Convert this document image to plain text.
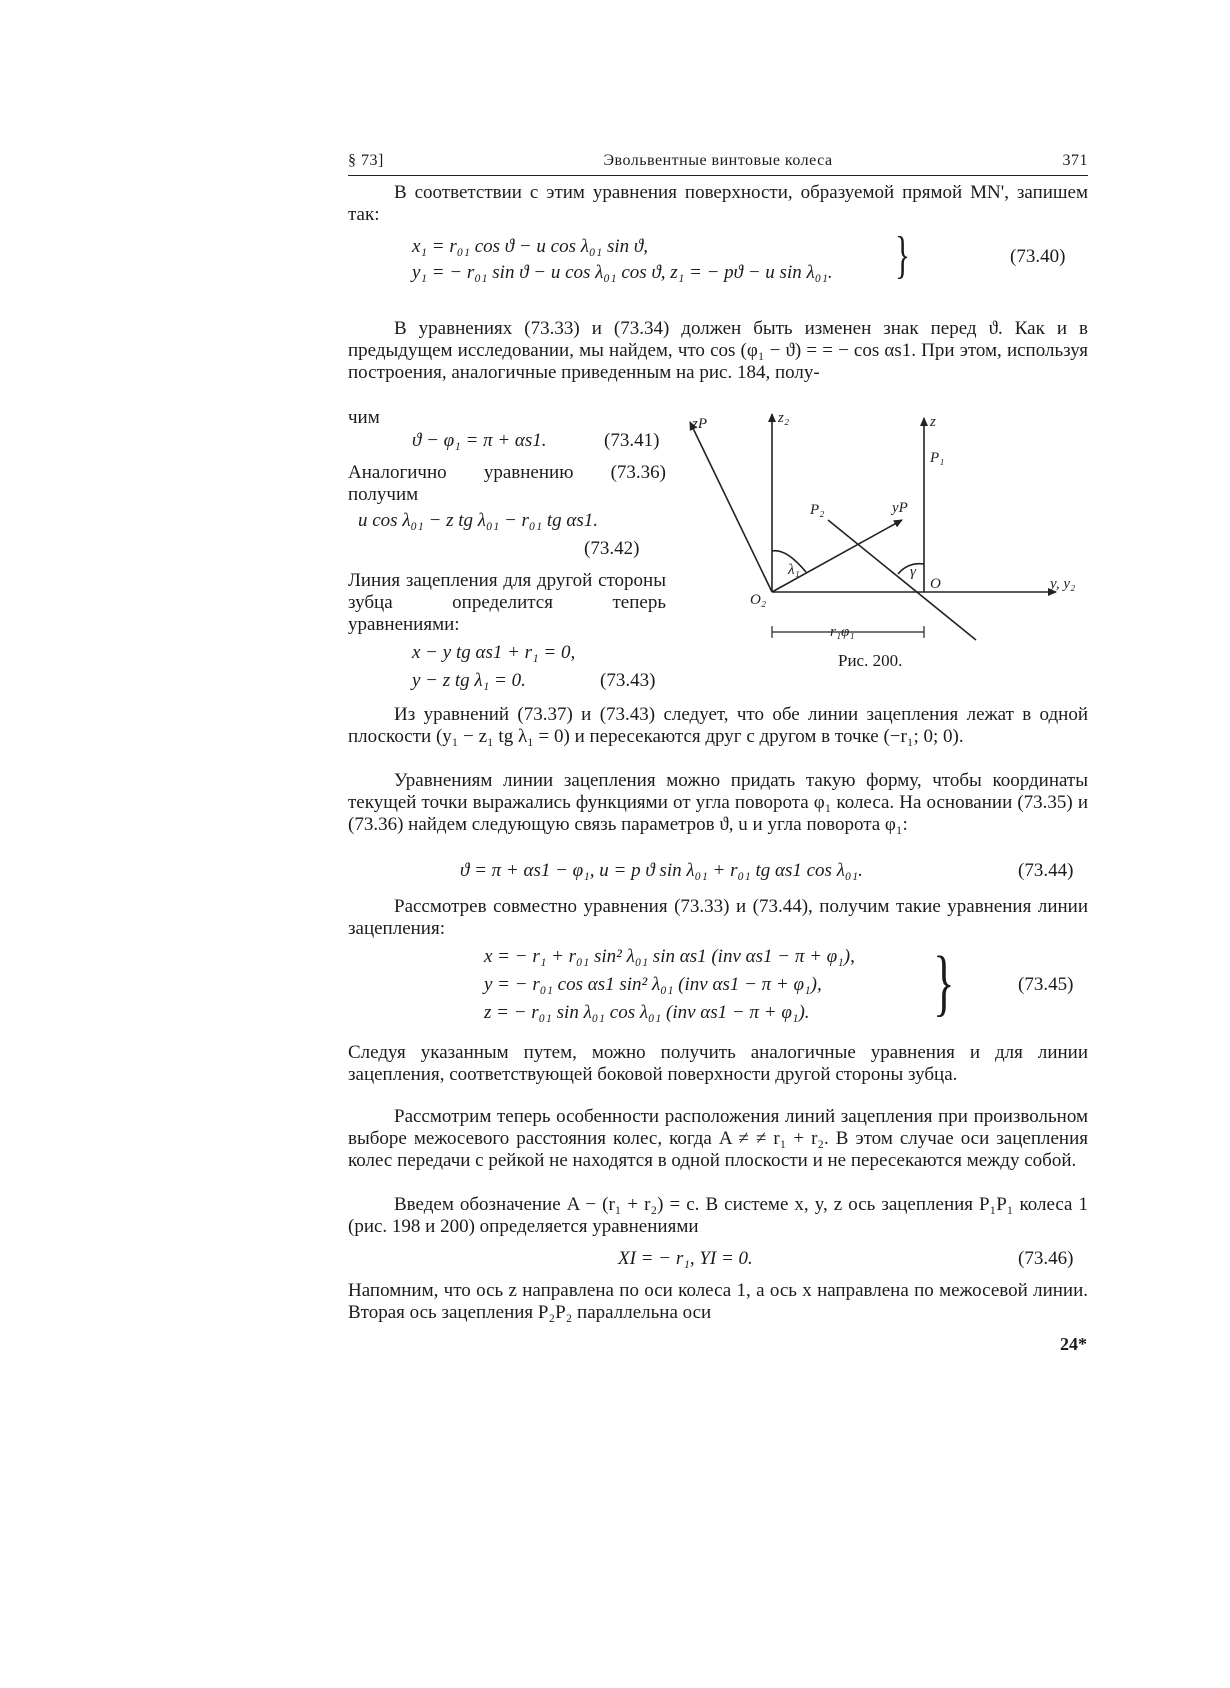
§ 73]	Эвольвентные винтовые колеса	371
В соответствии с этим уравнения поверхности, образуемой прямой MN', запишем так:
x₁ = r₀₁ cos ϑ − u cos λ₀₁ sin ϑ,
y₁ = − r₀₁ sin ϑ − u cos λ₀₁ cos ϑ, z₁ = − pϑ − u sin λ₀₁. }	(73.40)
В уравнениях (73.33) и (73.34) должен быть изменен знак перед ϑ. Как и в предыдущем исследовании, мы найдем, что cos (φ₁ − ϑ) = = − cos αs1. При этом, используя построения, аналогичные приведенным на рис. 184, полу-
чим
ϑ − φ₁ = π + αs1.	(73.41)
Аналогично уравнению (73.36) получим
u cos λ₀₁ − z tg λ₀₁ − r₀₁ tg αs1.
(73.42)
Линия зацепления для другой стороны зубца определится теперь уравнениями:
x − y tg αs1 + r₁ = 0,
y − z tg λ₁ = 0.	(73.43)
zP	z₂	z
P₁
P₂	yP
λ₁	γ
O
O₂
y, y₂
r₁φ₁
Рис. 200.
Из уравнений (73.37) и (73.43) следует, что обе линии зацепления лежат в одной плоскости (y₁ − z₁ tg λ₁ = 0) и пересекаются друг с другом в точке (−r₁; 0; 0).
Уравнениям линии зацепления можно придать такую форму, чтобы координаты текущей точки выражались функциями от угла поворота φ₁ колеса. На основании (73.35) и (73.36) найдем следующую связь параметров ϑ, u и угла поворота φ₁:
ϑ = π + αs1 − φ₁, u = p ϑ sin λ₀₁ + r₀₁ tg αs1 cos λ₀₁.	(73.44)
Рассмотрев совместно уравнения (73.33) и (73.44), получим такие уравнения линии зацепления:
x = − r₁ + r₀₁ sin² λ₀₁ sin αs1 (inv αs1 − π + φ₁),
y = − r₀₁ cos αs1 sin² λ₀₁ (inv αs1 − π + φ₁),
z = − r₀₁ sin λ₀₁ cos λ₀₁ (inv αs1 − π + φ₁). }	(73.45)
Следуя указанным путем, можно получить аналогичные уравнения и для линии зацепления, соответствующей боковой поверхности другой стороны зубца.
Рассмотрим теперь особенности расположения линий зацепления при произвольном выборе межосевого расстояния колес, когда A ≠ ≠ r₁ + r₂. В этом случае оси зацепления колес передачи с рейкой не находятся в одной плоскости и не пересекаются между собой.
Введем обозначение A − (r₁ + r₂) = c. В системе x, y, z ось зацепления P₁P₁ колеса 1 (рис. 198 и 200) определяется уравнениями
XI = − r₁, YI = 0.	(73.46)
Напомним, что ось z направлена по оси колеса 1, а ось x направлена по межосевой линии. Вторая ось зацепления P₂P₂ параллельна оси
24*
